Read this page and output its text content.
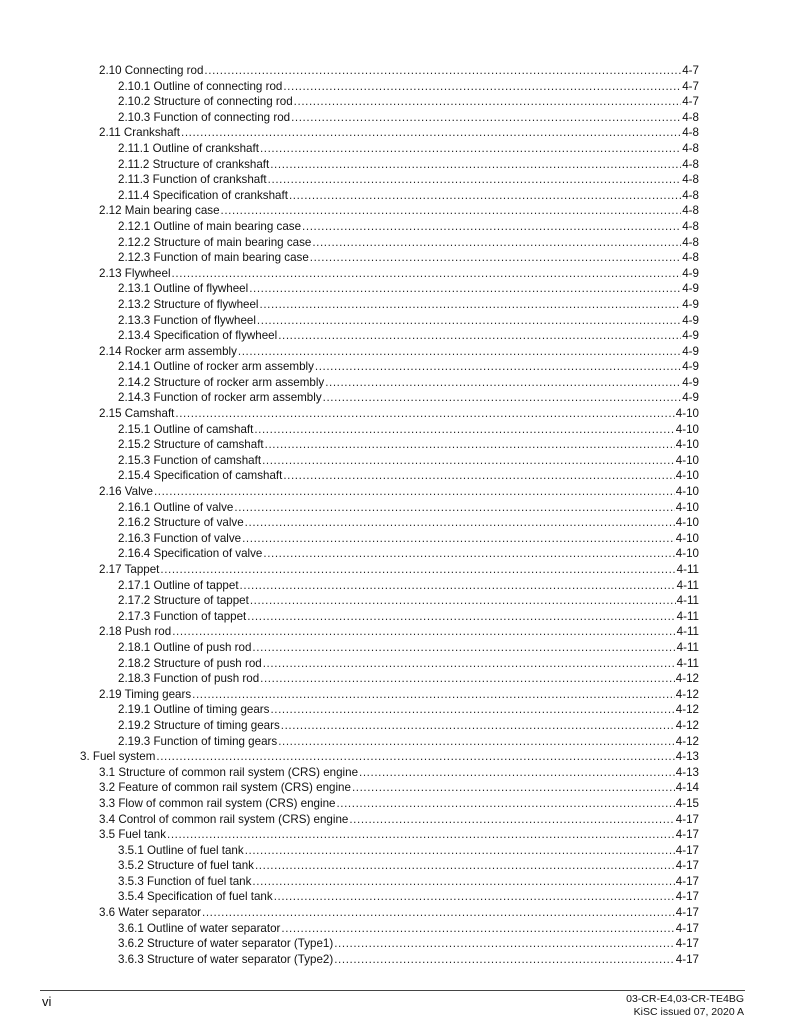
2.10 Connecting rod .....	4-7
2.10.1 Outline of connecting rod .....	4-7
2.10.2 Structure of connecting rod .....	4-7
2.10.3 Function of connecting rod .....	4-8
2.11 Crankshaft .....	4-8
2.11.1 Outline of crankshaft .....	4-8
2.11.2 Structure of crankshaft .....	4-8
2.11.3 Function of crankshaft .....	4-8
2.11.4 Specification of crankshaft .....	4-8
2.12 Main bearing case .....	4-8
2.12.1 Outline of main bearing case .....	4-8
2.12.2 Structure of main bearing case .....	4-8
2.12.3 Function of main bearing case .....	4-8
2.13 Flywheel .....	4-9
2.13.1 Outline of flywheel .....	4-9
2.13.2 Structure of flywheel .....	4-9
2.13.3 Function of flywheel .....	4-9
2.13.4 Specification of flywheel .....	4-9
2.14 Rocker arm assembly .....	4-9
2.14.1 Outline of rocker arm assembly .....	4-9
2.14.2 Structure of rocker arm assembly .....	4-9
2.14.3 Function of rocker arm assembly .....	4-9
2.15 Camshaft .....	4-10
2.15.1 Outline of camshaft .....	4-10
2.15.2 Structure of camshaft .....	4-10
2.15.3 Function of camshaft .....	4-10
2.15.4 Specification of camshaft .....	4-10
2.16 Valve .....	4-10
2.16.1 Outline of valve .....	4-10
2.16.2 Structure of valve .....	4-10
2.16.3 Function of valve .....	4-10
2.16.4 Specification of valve .....	4-10
2.17 Tappet .....	4-11
2.17.1 Outline of tappet .....	4-11
2.17.2 Structure of tappet .....	4-11
2.17.3 Function of tappet .....	4-11
2.18 Push rod .....	4-11
2.18.1 Outline of push rod .....	4-11
2.18.2 Structure of push rod .....	4-11
2.18.3 Function of push rod .....	4-12
2.19 Timing gears .....	4-12
2.19.1 Outline of timing gears .....	4-12
2.19.2 Structure of timing gears .....	4-12
2.19.3 Function of timing gears .....	4-12
3. Fuel system .....	4-13
3.1 Structure of common rail system (CRS) engine .....	4-13
3.2 Feature of common rail system (CRS) engine .....	4-14
3.3 Flow of common rail system (CRS) engine .....	4-15
3.4 Control of common rail system (CRS) engine .....	4-17
3.5 Fuel tank .....	4-17
3.5.1 Outline of fuel tank .....	4-17
3.5.2 Structure of fuel tank .....	4-17
3.5.3 Function of fuel tank .....	4-17
3.5.4 Specification of fuel tank .....	4-17
3.6 Water separator .....	4-17
3.6.1 Outline of water separator .....	4-17
3.6.2 Structure of water separator (Type1) .....	4-17
3.6.3 Structure of water separator (Type2) .....	4-17
vi	03-CR-E4,03-CR-TE4BG
KiSC issued 07, 2020 A
